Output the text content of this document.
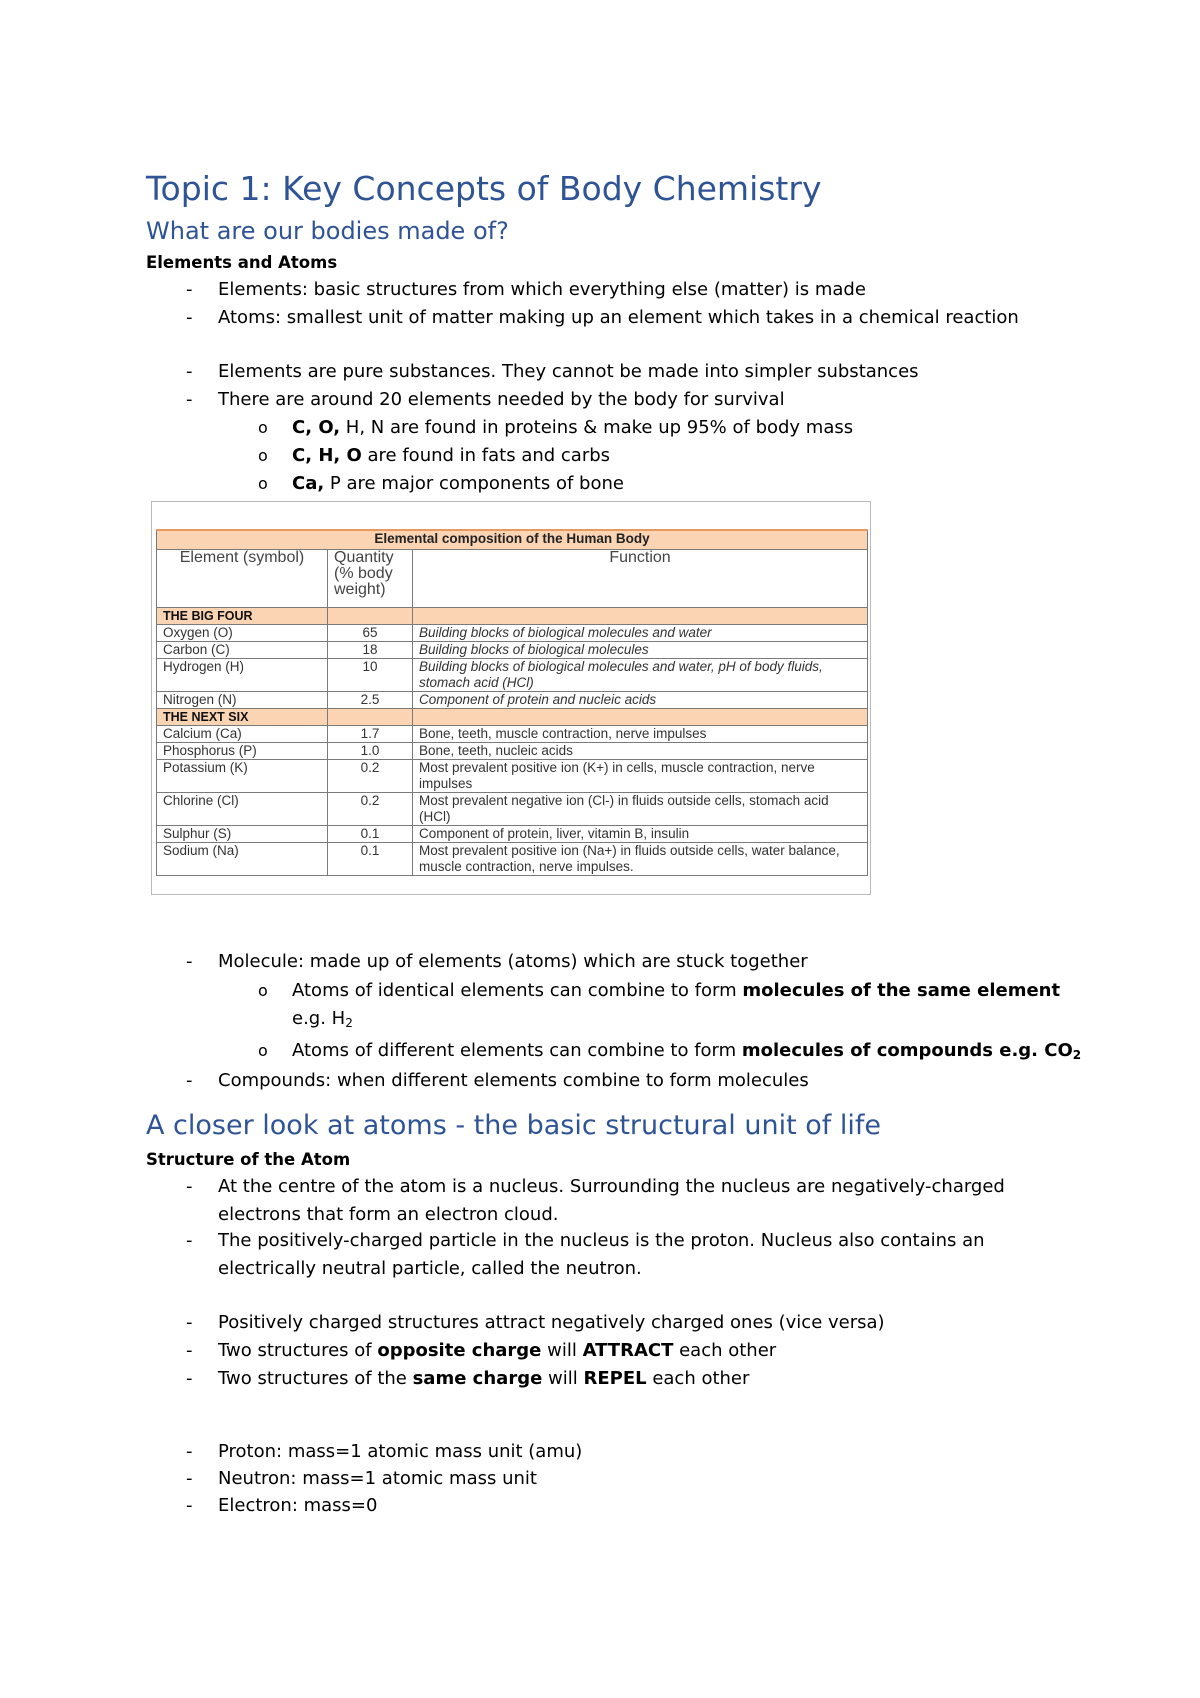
Topic 1: Key Concepts of Body Chemistry
What are our bodies made of?
Elements and Atoms
- Elements: basic structures from which everything else (matter) is made
- Atoms: smallest unit of matter making up an element which takes in a chemical reaction
- Elements are pure substances. They cannot be made into simpler substances
- There are around 20 elements needed by the body for survival
o C, O, H, N are found in proteins & make up 95% of body mass
o C, H, O are found in fats and carbs
o Ca, P are major components of bone
Elemental composition of the Human Body		
Element (symbol)	Quantity (% body weight)	Function
THE BIG FOUR		
Oxygen (O)	65	Building blocks of biological molecules and water
Carbon (C)	18	Building blocks of biological molecules
Hydrogen (H)	10	Building blocks of biological molecules and water, pH of body fluids, stomach acid (HCl)
Nitrogen (N)	2.5	Component of protein and nucleic acids
THE NEXT SIX		
Calcium (Ca)	1.7	Bone, teeth, muscle contraction, nerve impulses
Phosphorus (P)	1.0	Bone, teeth, nucleic acids
Potassium (K)	0.2	Most prevalent positive ion (K+) in cells, muscle contraction, nerve impulses
Chlorine (Cl)	0.2	Most prevalent negative ion (Cl-) in fluids outside cells, stomach acid (HCl)
Sulphur (S)	0.1	Component of protein, liver, vitamin B, insulin
Sodium (Na)	0.1	Most prevalent positive ion (Na+) in fluids outside cells, water balance, muscle contraction, nerve impulses.
- Molecule: made up of elements (atoms) which are stuck together
o Atoms of identical elements can combine to form molecules of the same element
e.g. $H_2$
o Atoms of different elements can combine to form molecules of compounds e.g. $CO_2$
- Compounds: when different elements combine to form molecules
A closer look at atoms - the basic structural unit of life
Structure of the Atom
- At the centre of the atom is a nucleus. Surrounding the nucleus are negatively-charged
electrons that form an electron cloud.
- The positively-charged particle in the nucleus is the proton. Nucleus also contains an
electrically neutral particle, called the neutron.
- Positively charged structures attract negatively charged ones (vice versa)
- Two structures of opposite charge will ATTRACT each other
- Two structures of the same charge will REPEL each other
- Proton: mass=1 atomic mass unit (amu)
- Neutron: mass=1 atomic mass unit
- Electron: mass=0
